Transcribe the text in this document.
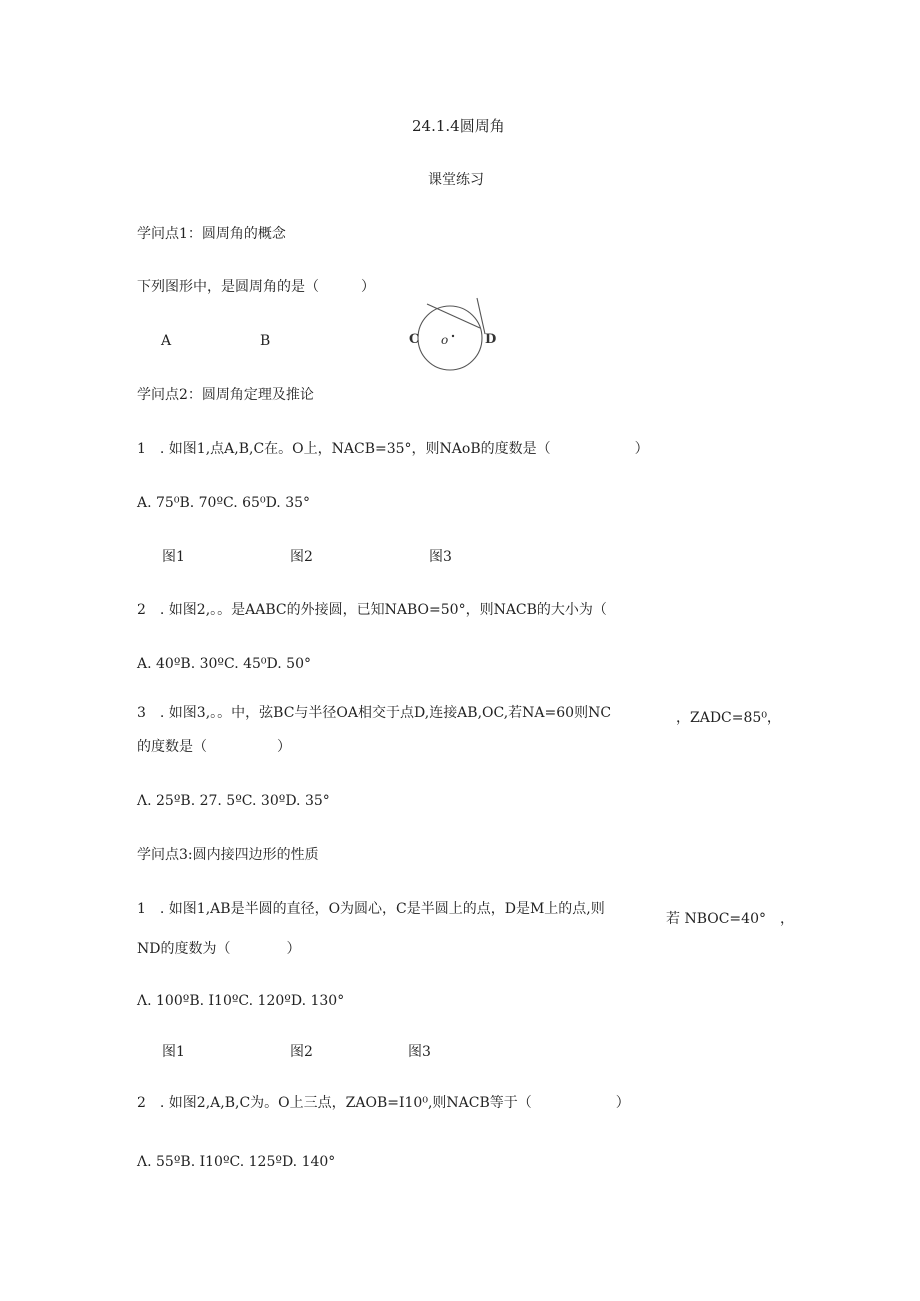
24.1.4圆周角
课堂练习
学问点1：圆周角的概念
下列图形中，是圆周角的是（　　　）
A	B	C	D
o
学问点2：圆周角定理及推论
1　. 如图1,点A,B,C在。O上，NACB=35°，则NAoB的度数是（　　　　　　）
A. 75⁰B. 70ºC. 65⁰D. 35°
图1	图2	图3
2　. 如图2,。。是AABC的外接圆，已知NABO=50°，则NACB的大小为（
A. 40ºB. 30ºC. 45⁰D. 50°
3　. 如图3,。。中，弦BC与半径OA相交于点D,连接AB,OC,若NA=60则NC	，ZADC=85⁰，
的度数是（　　　　　）
Λ. 25ºB. 27. 5ºC. 30ºD. 35°
学问点3:圆内接四边形的性质
1　. 如图1,AB是半圆的直径，O为圆心，C是半圆上的点，D是M上的点,则
若 NBOC=40°　，
ND的度数为（　　　　）
Λ. 100ºB. I10ºC. 120ºD. 130°
图1	图2	图3
2　. 如图2,A,B,C为。O上三点，ZAOB=I10⁰,则NACB等于（　　　　　　）
Λ. 55ºB. I10ºC. 125ºD. 140°
